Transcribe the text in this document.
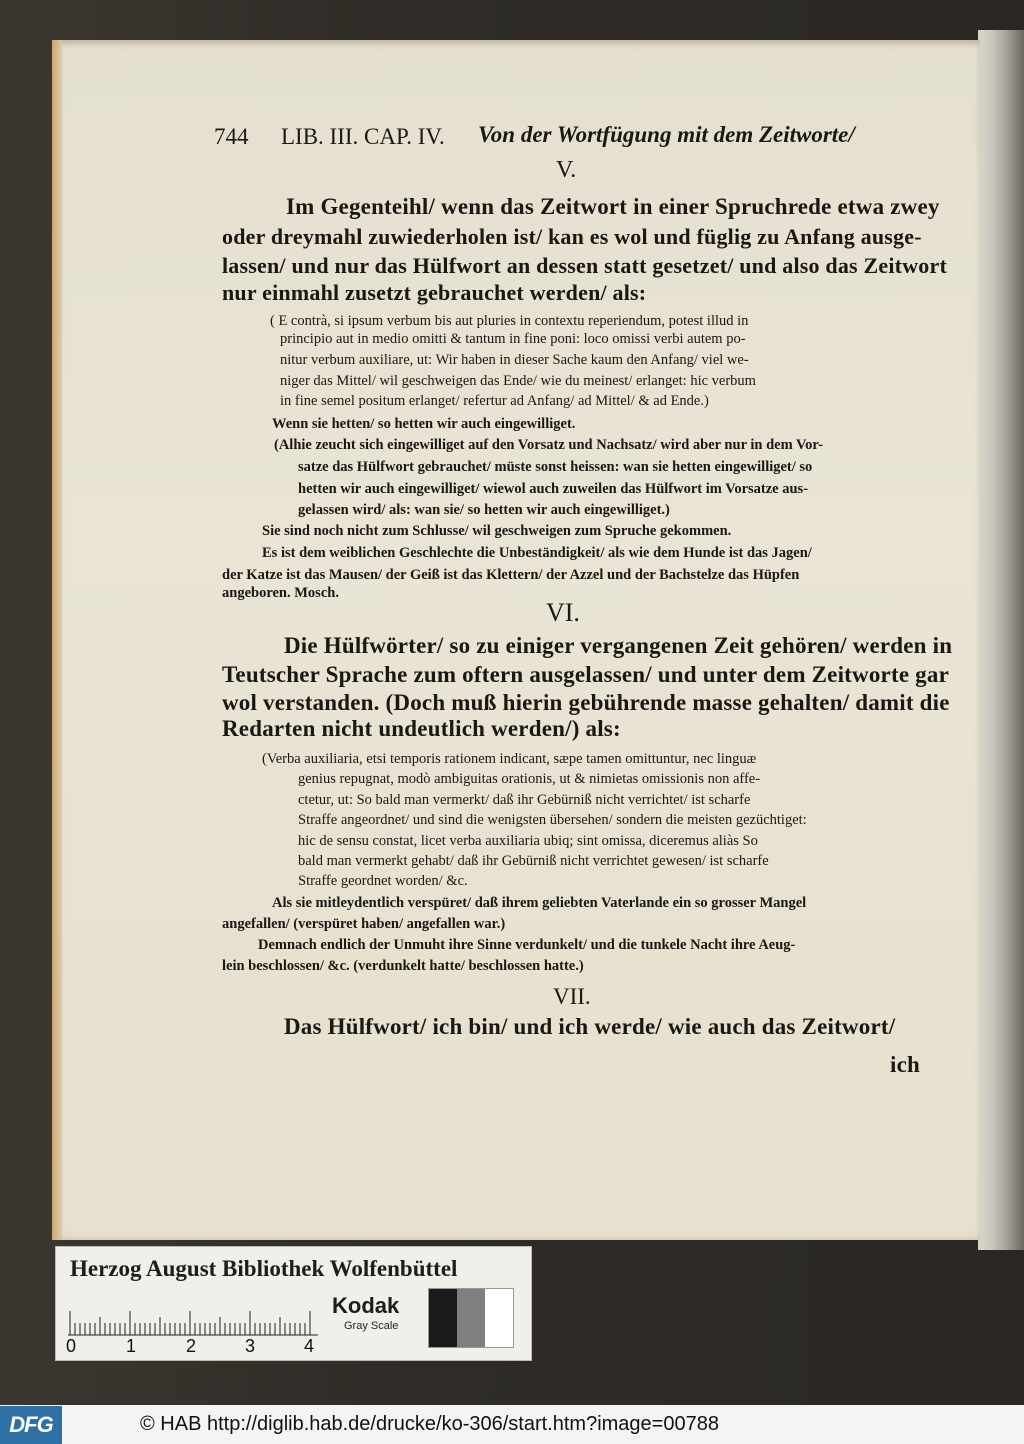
744 LIB. III. CAP. IV. Von der Wortfügung mit dem Zeitworte/
V.
Im Gegenteihl/ wenn das Zeitwort in einer Spruchrede etwa zwey
oder dreymahl zuwiederholen ist/ kan es wol und füglig zu Anfang ausge-
lassen/ und nur das Hülfwort an dessen statt gesetzet/ und also das Zeitwort
nur einmahl zusetzt gebrauchet werden/ als:
( E contrà, si ipsum verbum bis aut pluries in contextu reperiendum, potest illud in
principio aut in medio omitti & tantum in fine poni: loco omissi verbi autem po-
nitur verbum auxiliare, ut: Wir haben in dieser Sache kaum den Anfang/ viel we-
niger das Mittel/ wil geschweigen das Ende/ wie du meinest/ erlanget: hic verbum
in fine semel positum erlanget/ refertur ad Anfang/ ad Mittel/ & ad Ende.)
Wenn sie hetten/ so hetten wir auch eingewilliget.
(Alhie zeucht sich eingewilliget auf den Vorsatz und Nachsatz/ wird aber nur in dem Vor-
satze das Hülfwort gebrauchet/ müste sonst heissen: wan sie hetten eingewilliget/ so
hetten wir auch eingewilliget/ wiewol auch zuweilen das Hülfwort im Vorsatze aus-
gelassen wird/ als: wan sie/ so hetten wir auch eingewilliget.)
Sie sind noch nicht zum Schlusse/ wil geschweigen zum Spruche gekommen.
Es ist dem weiblichen Geschlechte die Unbeständigkeit/ als wie dem Hunde ist das Jagen/
der Katze ist das Mausen/ der Geiß ist das Klettern/ der Azzel und der Bachstelze das Hüpfen
angeboren. Mosch.
VI.
Die Hülfwörter/ so zu einiger vergangenen Zeit gehören/ werden in
Teutscher Sprache zum oftern ausgelassen/ und unter dem Zeitworte gar
wol verstanden. (Doch muß hierin gebührende masse gehalten/ damit die
Redarten nicht undeutlich werden/) als:
(Verba auxiliaria, etsi temporis rationem indicant, sæpe tamen omittuntur, nec linguæ
genius repugnat, modò ambiguitas orationis, ut & nimietas omissionis non affe-
ctetur, ut: So bald man vermerkt/ daß ihr Gebürniß nicht verrichtet/ ist scharfe
Straffe angeordnet/ und sind die wenigsten übersehen/ sondern die meisten gezüchtiget:
hic de sensu constat, licet verba auxiliaria ubiq; sint omissa, diceremus aliàs So
bald man vermerkt gehabt/ daß ihr Gebürniß nicht verrichtet gewesen/ ist scharfe
Straffe geordnet worden/ &c.
Als sie mitleydentlich verspüret/ daß ihrem geliebten Vaterlande ein so grosser Mangel
angefallen/ (verspüret haben/ angefallen war.)
Demnach endlich der Unmuht ihre Sinne verdunkelt/ und die tunkele Nacht ihre Aeug-
lein beschlossen/ &c. (verdunkelt hatte/ beschlossen hatte.)
VII.
Das Hülfwort/ ich bin/ und ich werde/ wie auch das Zeitwort/
ich
Herzog August Bibliothek Wolfenbüttel
0	1	2	3	4
Kodak
Gray Scale
DFG	© HAB http://diglib.hab.de/drucke/ko-306/start.htm?image=00788
